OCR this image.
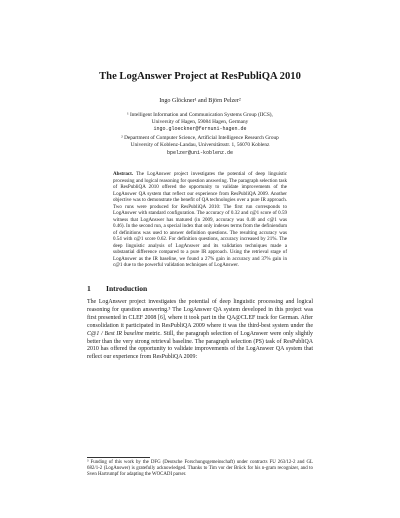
The LogAnswer Project at ResPubliQA 2010
Ingo Glöckner¹ and Björn Pelzer²
¹ Intelligent Information and Communication Systems Group (IICS),
University of Hagen, 59084 Hagen, Germany
ingo.gloeckner@fernuni-hagen.de
² Department of Computer Science, Artificial Intelligence Research Group
University of Koblenz-Landau, Universitätsstr. 1, 56070 Koblenz
bpelzer@uni-koblenz.de
Abstract. The LogAnswer project investigates the potential of deep linguistic processing and logical reasoning for question answering. The paragraph selection task of ResPubliQA 2010 offered the opportunity to validate improvements of the LogAnswer QA system that reflect our experience from ResPubliQA 2009. Another objective was to demonstrate the benefit of QA technologies over a pure IR approach. Two runs were produced for ResPubliQA 2010: The first run corresponds to LogAnswer with standard configuration. The accuracy of 0.32 and c@1 score of 0.59 witness that LogAnswer has matured (in 2009, accuracy was 0.40 and c@1 was 0.46). In the second run, a special index that only indexes terms from the definiendum of definitions was used to answer definition questions. The resulting accuracy was 0.54 with c@1 score 0.62. For definition questions, accuracy increased by 21%. The deep linguistic analysis of LogAnswer and its validation techniques made a substantial difference compared to a pure IR approach. Using the retrieval stage of LogAnswer as the IR baseline, we found a 27% gain in accuracy and 37% gain in c@1 due to the powerful validation techniques of LogAnswer.
1 Introduction
The LogAnswer project investigates the potential of deep linguistic processing and logical reasoning for question answering.³ The LogAnswer QA system developed in this project was first presented in CLEF 2008 [6], where it took part in the QA@CLEF track for German. After consolidation it participated in ResPubliQA 2009 where it was the third-best system under the C@1 / Best IR baseline metric. Still, the paragraph selection of LogAnswer were only slightly better than the very strong retrieval baseline. The paragraph selection (PS) task of ResPubliQA 2010 has offered the opportunity to validate improvements of the LogAnswer QA system that reflect our experience from ResPubliQA 2009:
³ Funding of this work by the DFG (Deutsche Forschungsgemeinschaft) under contracts FU 263/12-2 and GL 682/1-2 (LogAnswer) is gratefully acknowledged. Thanks to Tim vor der Brück for his n-gram recognizer, and to Sven Hartrumpf for adapting the WOCADI parser.
